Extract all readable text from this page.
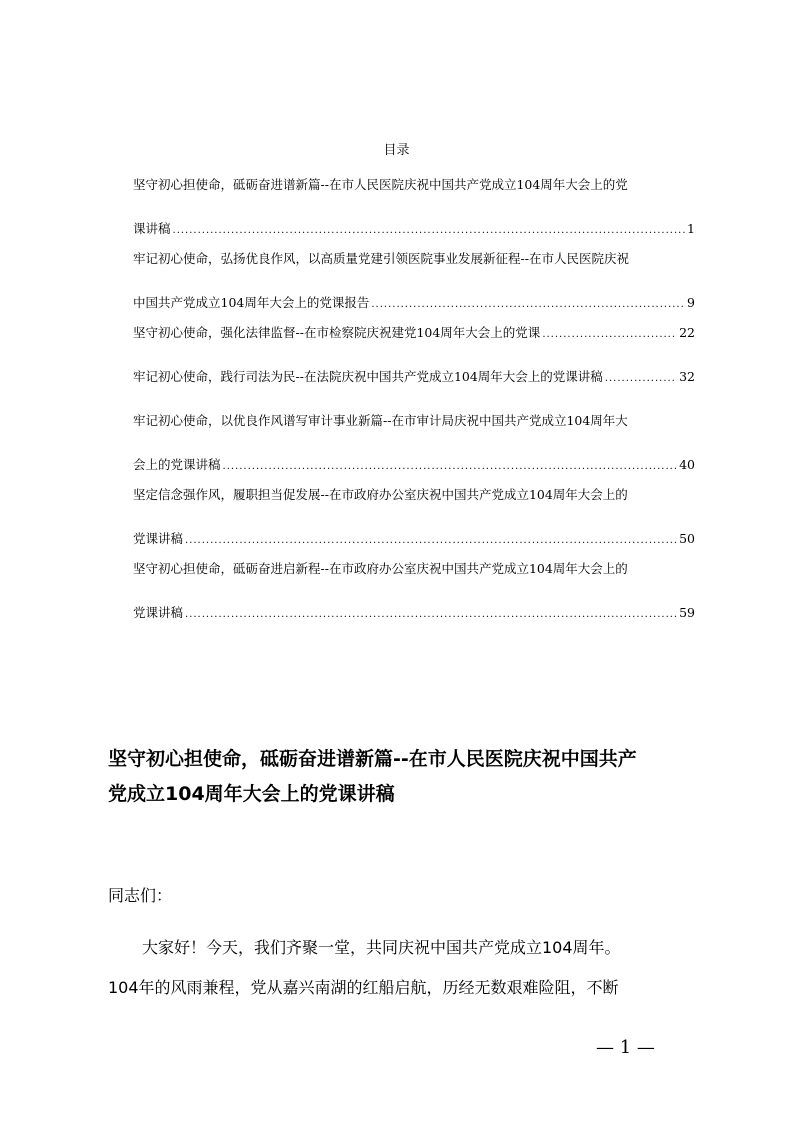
目录
坚守初心担使命，砥砺奋进谱新篇--在市人民医院庆祝中国共产党成立104周年大会上的党
课讲稿 .....	1
牢记初心使命，弘扬优良作风，以高质量党建引领医院事业发展新征程--在市人民医院庆祝
中国共产党成立104周年大会上的党课报告 .....	9
坚守初心使命，强化法律监督--在市检察院庆祝建党104周年大会上的党课 .....	22
牢记初心使命，践行司法为民--在法院庆祝中国共产党成立104周年大会上的党课讲稿 .....	32
牢记初心使命，以优良作风谱写审计事业新篇--在市审计局庆祝中国共产党成立104周年大
会上的党课讲稿 .....	40
坚定信念强作风，履职担当促发展--在市政府办公室庆祝中国共产党成立104周年大会上的
党课讲稿 .....	50
坚守初心担使命，砥砺奋进启新程--在市政府办公室庆祝中国共产党成立104周年大会上的
党课讲稿 .....	59
坚守初心担使命，砥砺奋进谱新篇--在市人民医院庆祝中国共产
党成立104周年大会上的党课讲稿
同志们：
大家好！今天，我们齐聚一堂，共同庆祝中国共产党成立104周年。
104年的风雨兼程，党从嘉兴南湖的红船启航，历经无数艰难险阻，不断
— 1 —
